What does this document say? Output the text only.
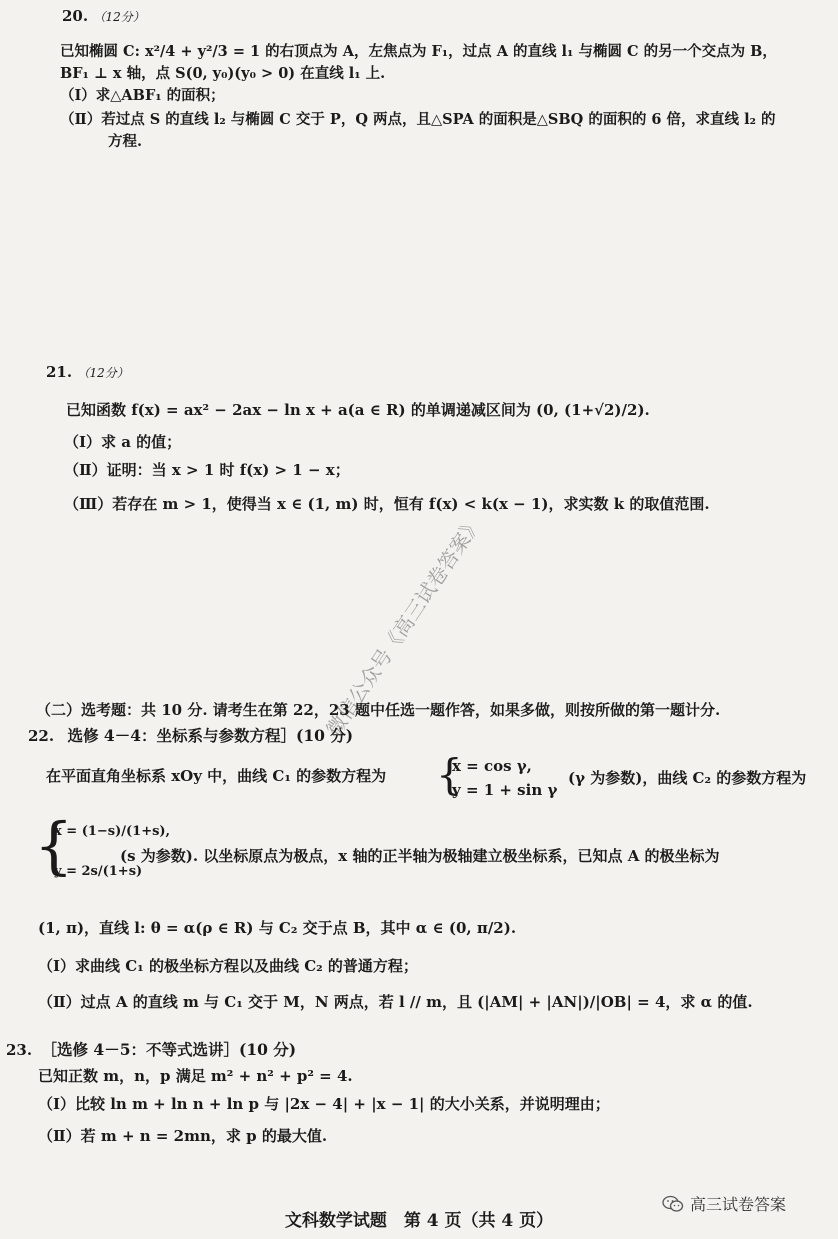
20. （12分）
已知椭圆 C: x²/4 + y²/3 = 1 的右顶点为 A，左焦点为 F₁，过点 A 的直线 l₁ 与椭圆 C 的另一个交点为 B，
BF₁ ⊥ x 轴，点 S(0, y₀)(y₀ > 0) 在直线 l₁ 上.
（Ⅰ）求△ABF₁ 的面积；
（Ⅱ）若过点 S 的直线 l₂ 与椭圆 C 交于 P，Q 两点，且△SPA 的面积是△SBQ 的面积的 6 倍，求直线 l₂ 的
方程.
21. （12分）
已知函数 f(x) = ax² − 2ax − ln x + a(a ∈ R) 的单调递减区间为 (0, (1+√2)/2).
（Ⅰ）求 a 的值；
（Ⅱ）证明：当 x > 1 时 f(x) > 1 − x；
（Ⅲ）若存在 m > 1，使得当 x ∈ (1, m) 时，恒有 f(x) < k(x − 1)，求实数 k 的取值范围.
微信公众号《高三试卷答案》
（二）选考题：共 10 分. 请考生在第 22，23 题中任选一题作答，如果多做，则按所做的第一题计分.
22. 选修 4－4：坐标系与参数方程］(10 分)
在平面直角坐标系 xOy 中，曲线 C₁ 的参数方程为 {
x = cos γ,
y = 1 + sin γ
(γ 为参数)，曲线 C₂ 的参数方程为
{
x = (1−s)/(1+s),
y = 2s/(1+s)
(s 为参数). 以坐标原点为极点，x 轴的正半轴为极轴建立极坐标系，已知点 A 的极坐标为
(1, π)，直线 l: θ = α(ρ ∈ R) 与 C₂ 交于点 B，其中 α ∈ (0, π/2).
（Ⅰ）求曲线 C₁ 的极坐标方程以及曲线 C₂ 的普通方程；
（Ⅱ）过点 A 的直线 m 与 C₁ 交于 M，N 两点，若 l // m，且 (|AM| + |AN|)/|OB| = 4，求 α 的值.
23. ［选修 4－5：不等式选讲］(10 分)
已知正数 m，n，p 满足 m² + n² + p² = 4.
（Ⅰ）比较 ln m + ln n + ln p 与 |2x − 4| + |x − 1| 的大小关系，并说明理由；
（Ⅱ）若 m + n = 2mn，求 p 的最大值.
文科数学试题　第 4 页（共 4 页）
高三试卷答案
